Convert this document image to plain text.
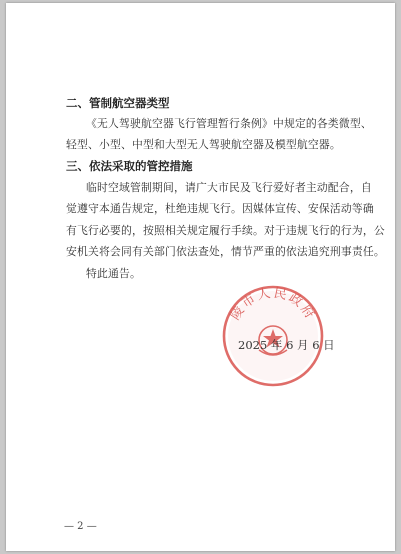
二、管制航空器类型
《无人驾驶航空器飞行管理暂行条例》中规定的各类微型、
轻型、小型、中型和大型无人驾驶航空器及模型航空器。
三、依法采取的管控措施
临时空域管制期间，请广大市民及飞行爱好者主动配合，自
觉遵守本通告规定，杜绝违规飞行。因媒体宣传、安保活动等确
有飞行必要的，按照相关规定履行手续。对于违规飞行的行为，公
安机关将会同有关部门依法查处，情节严重的依法追究刑事责任。
特此通告。
陵市人民政府
2025 年 6 月 6 日
— 2 —
